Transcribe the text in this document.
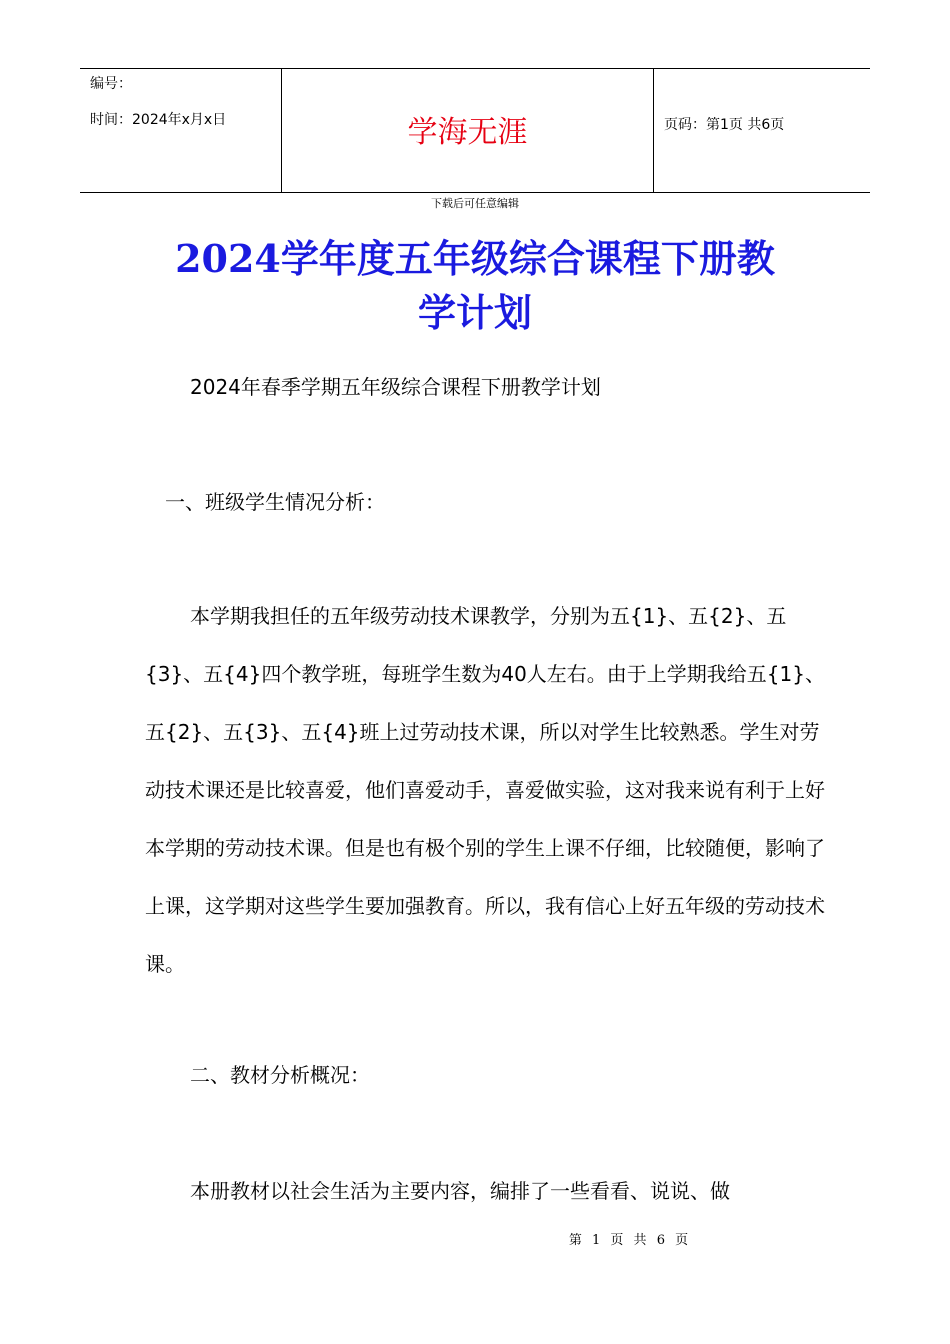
编号：
时间：2024年x月x日	学海无涯	页码：第1页 共6页
下载后可任意编辑
2024学年度五年级综合课程下册教
学计划

2024年春季学期五年级综合课程下册教学计划

一、班级学生情况分析：

本学期我担任的五年级劳动技术课教学，分别为五{1}、五{2}、五{3}、五{4}四个教学班，每班学生数为40人左右。由于上学期我给五{1}、五{2}、五{3}、五{4}班上过劳动技术课，所以对学生比较熟悉。学生对劳动技术课还是比较喜爱，他们喜爱动手，喜爱做实验，这对我来说有利于上好本学期的劳动技术课。但是也有极个别的学生上课不仔细，比较随便，影响了上课，这学期对这些学生要加强教育。所以，我有信心上好五年级的劳动技术课。

二、教材分析概况：

本册教材以社会生活为主要内容，编排了一些看看、说说、做

第 1 页 共 6 页
